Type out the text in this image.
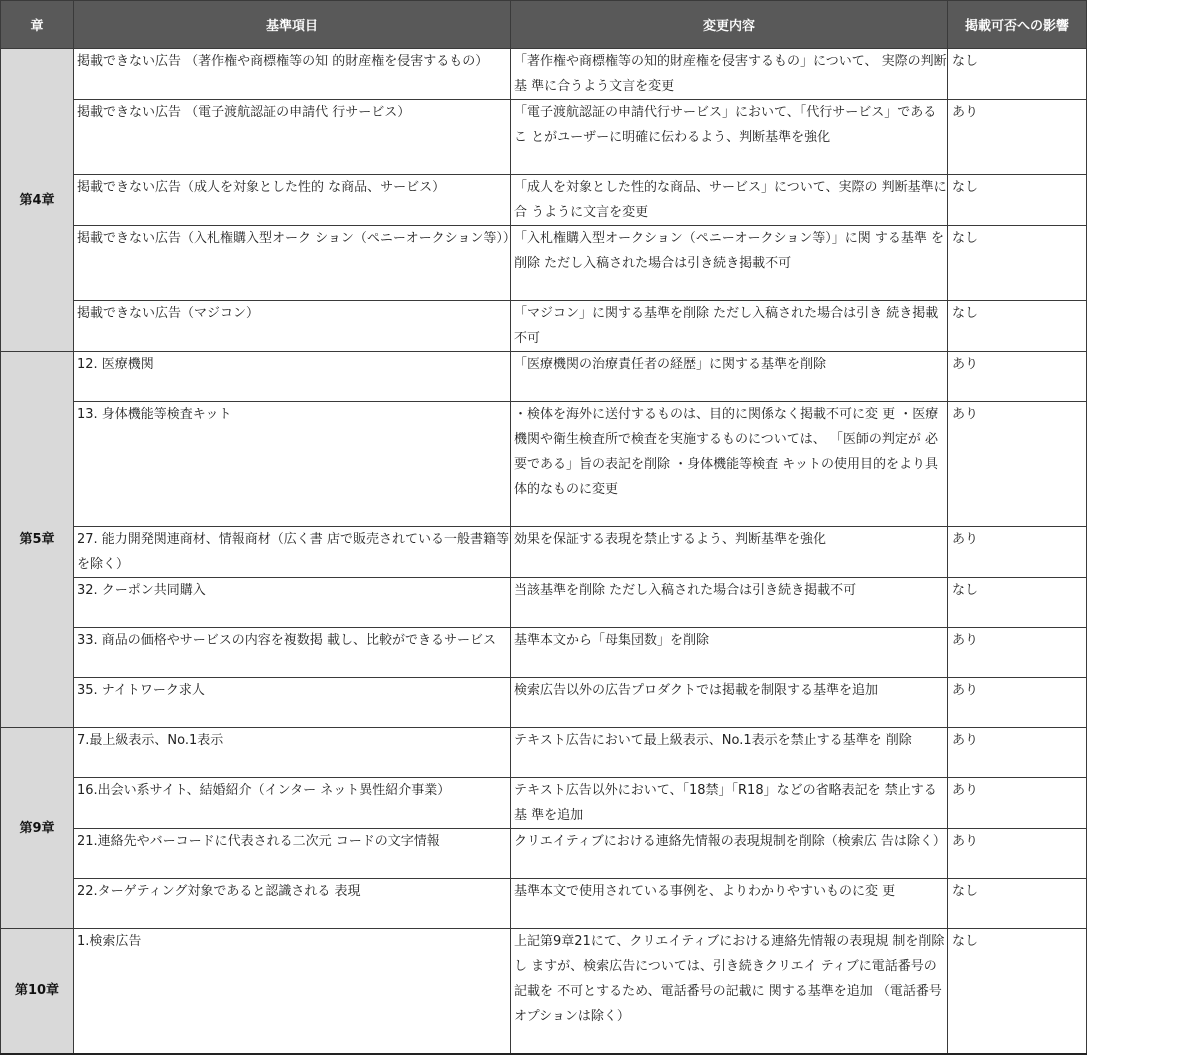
章	基準項目	変更内容	掲載可否への影響
第4章	掲載できない広告 （著作権や商標権等の知 的財産権を侵害するもの）	「著作権や商標権等の知的財産権を侵害するもの」について、 実際の判断基 準に合うよう文言を変更	なし
	掲載できない広告 （電子渡航認証の申請代 行サービス）	「電子渡航認証の申請代行サービス」において、「代行サービス」であるこ とがユーザーに明確に伝わるよう、判断基準を強化	あり
	掲載できない広告（成人を対象とした性的 な商品、サービス）	「成人を対象とした性的な商品、サービス」について、実際の 判断基準に合 うように文言を変更	なし
	掲載できない広告（入札権購入型オーク ション（ペニーオークション等））	「入札権購入型オークション（ペニーオークション等）」に関 する基準 を削除 ただし入稿された場合は引き続き掲載不可	なし
	掲載できない広告（マジコン）	「マジコン」に関する基準を削除 ただし入稿された場合は引き 続き掲載不可	なし
第5章	12. 医療機関	「医療機関の治療責任者の経歴」に関する基準を削除	あり
	13. 身体機能等検査キット	・検体を海外に送付するものは、目的に関係なく掲載不可に変 更 ・医療機関や衛生検査所で検査を実施するものについては、 「医師の判定が 必要である」旨の表記を削除 ・身体機能等検査 キットの使用目的をより具体的なものに変更	あり
	27. 能力開発関連商材、情報商材（広く書 店で販売されている一般書籍等を除く）	効果を保証する表現を禁止するよう、判断基準を強化	あり
	32. クーポン共同購入	当該基準を削除 ただし入稿された場合は引き続き掲載不可	なし
	33. 商品の価格やサービスの内容を複数掲 載し、比較ができるサービス	基準本文から「母集団数」を削除	あり
	35. ナイトワーク求人	検索広告以外の広告プロダクトでは掲載を制限する基準を追加	あり
第9章	7.最上級表示、No.1表示	テキスト広告において最上級表示、No.1表示を禁止する基準を 削除	あり
	16.出会い系サイト、結婚紹介（インター ネット異性紹介事業）	テキスト広告以外において、「18禁」「R18」などの省略表記を 禁止する基 準を追加	あり
	21.連絡先やバーコードに代表される二次元 コードの文字情報	クリエイティブにおける連絡先情報の表現規制を削除（検索広 告は除く）	あり
	22.ターゲティング対象であると認識される 表現	基準本文で使用されている事例を、よりわかりやすいものに変 更	なし
第10章	1.検索広告	上記第9章21にて、クリエイティブにおける連絡先情報の表現規 制を削除し ますが、検索広告については、引き続きクリエイ ティブに電話番号の記載を 不可とするため、電話番号の記載に 関する基準を追加 （電話番号オプションは除く）	なし
